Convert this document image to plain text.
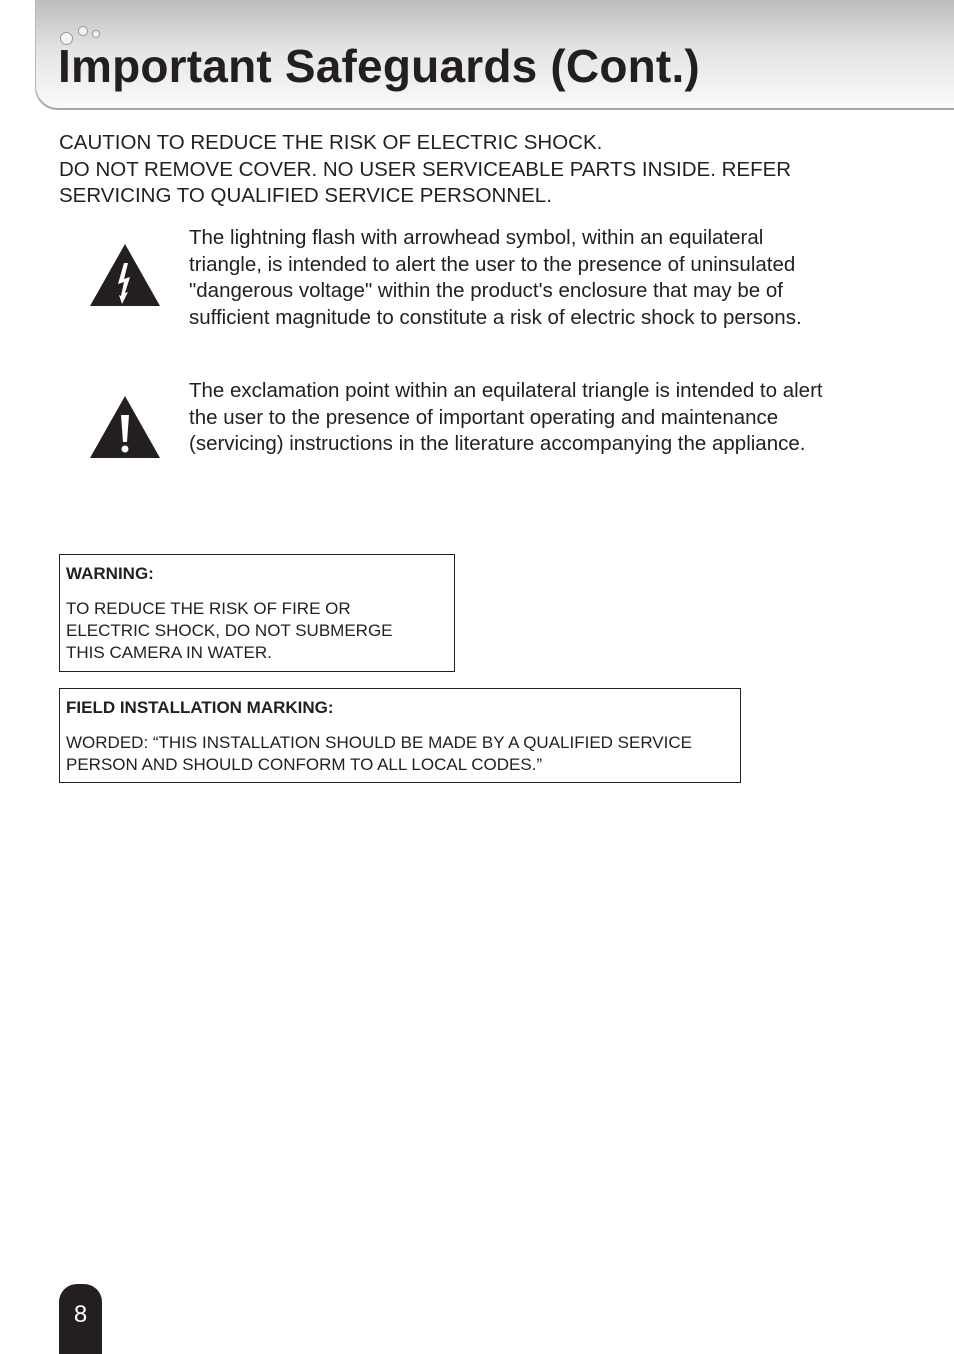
Important Safeguards (Cont.)
CAUTION TO REDUCE THE RISK OF ELECTRIC SHOCK.
DO NOT REMOVE COVER. NO USER SERVICEABLE PARTS INSIDE. REFER
SERVICING TO QUALIFIED SERVICE PERSONNEL.
The lightning flash with arrowhead symbol, within an equilateral
triangle, is intended to alert the user to the presence of uninsulated
"dangerous voltage" within the product's enclosure that may be of
sufficient magnitude to constitute a risk of electric shock to persons.
The exclamation point within an equilateral triangle is intended to alert
the user to the presence of important operating and maintenance
(servicing) instructions in the literature accompanying the appliance.
WARNING:
TO REDUCE THE RISK OF FIRE OR
ELECTRIC SHOCK, DO NOT SUBMERGE
THIS CAMERA IN WATER.
FIELD INSTALLATION MARKING:
WORDED: “THIS INSTALLATION SHOULD BE MADE BY A QUALIFIED SERVICE
PERSON AND SHOULD CONFORM TO ALL LOCAL CODES.”
8
